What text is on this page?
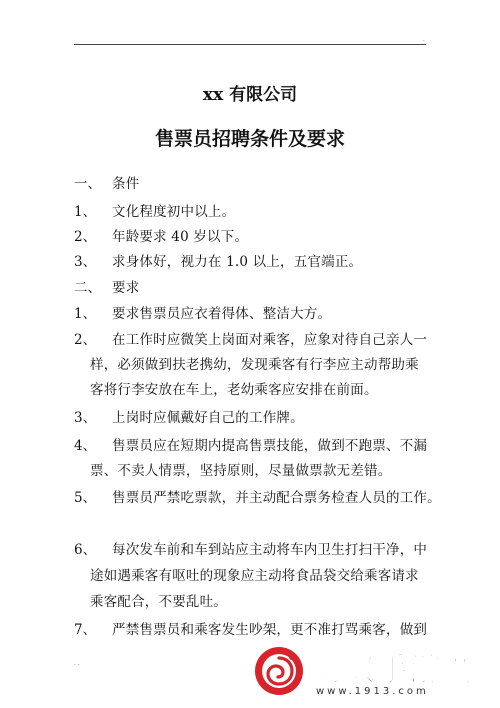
.
xx 有限公司
售票员招聘条件及要求
一、 条件
1、 文化程度初中以上。
2、 年龄要求 40 岁以下。
3、 求身体好，视力在 1.0 以上，五官端正。
二、 要求
1、 要求售票员应衣着得体、整洁大方。
2、 在工作时应微笑上岗面对乘客，应象对待自己亲人一
样，必须做到扶老携幼，发现乘客有行李应主动帮助乘
客将行李安放在车上，老幼乘客应安排在前面。
3、 上岗时应佩戴好自己的工作牌。
4、 售票员应在短期内提高售票技能，做到不跑票、不漏
票、不卖人情票，坚持原则，尽量做票款无差错。
5、 售票员严禁吃票款，并主动配合票务检查人员的工作。
6、 每次发车前和车到站应主动将车内卫生打扫干净，中
途如遇乘客有呕吐的现象应主动将食品袋交给乘客请求
乘客配合，不要乱吐。
7、 严禁售票员和乘客发生吵架，更不准打骂乘客，做到
. .	蚂蚁手游网
www.1913.com
